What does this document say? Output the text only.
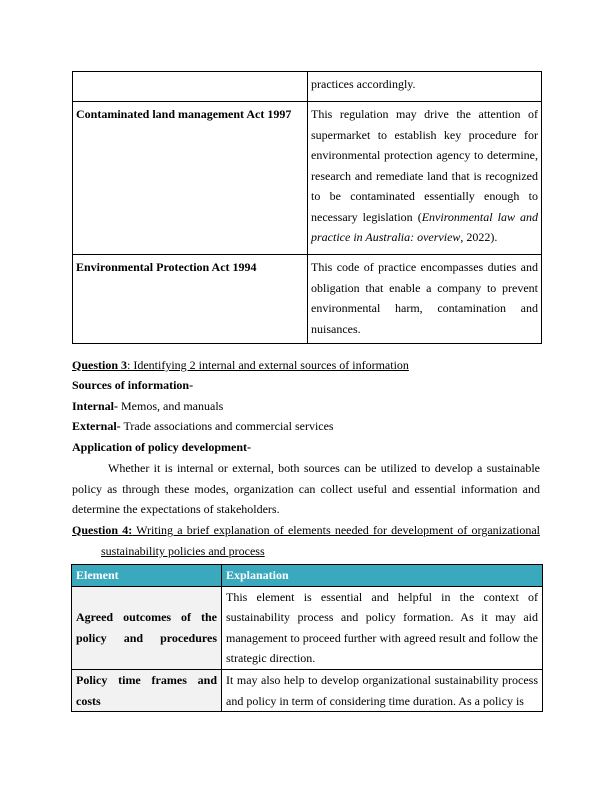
	practices accordingly.
Contaminated land management Act 1997	This regulation may drive the attention of supermarket to establish key procedure for environmental protection agency to determine, research and remediate land that is recognized to be contaminated essentially enough to necessary legislation (Environmental law and practice in Australia: overview, 2022).
Environmental Protection Act 1994	This code of practice encompasses duties and obligation that enable a company to prevent environmental harm, contamination and nuisances.
Question 3: Identifying 2 internal and external sources of information
Sources of information-
Internal- Memos, and manuals
External- Trade associations and commercial services
Application of policy development-
Whether it is internal or external, both sources can be utilized to develop a sustainable policy as through these modes, organization can collect useful and essential information and determine the expectations of stakeholders.
Question 4: Writing a brief explanation of elements needed for development of organizational
sustainability policies and process
Element	Explanation
Agreed outcomes of the policy and procedures	This element is essential and helpful in the context of sustainability process and policy formation. As it may aid management to proceed further with agreed result and follow the strategic direction.
Policy time frames and costs	It may also help to develop organizational sustainability process and policy in term of considering time duration. As a policy is
